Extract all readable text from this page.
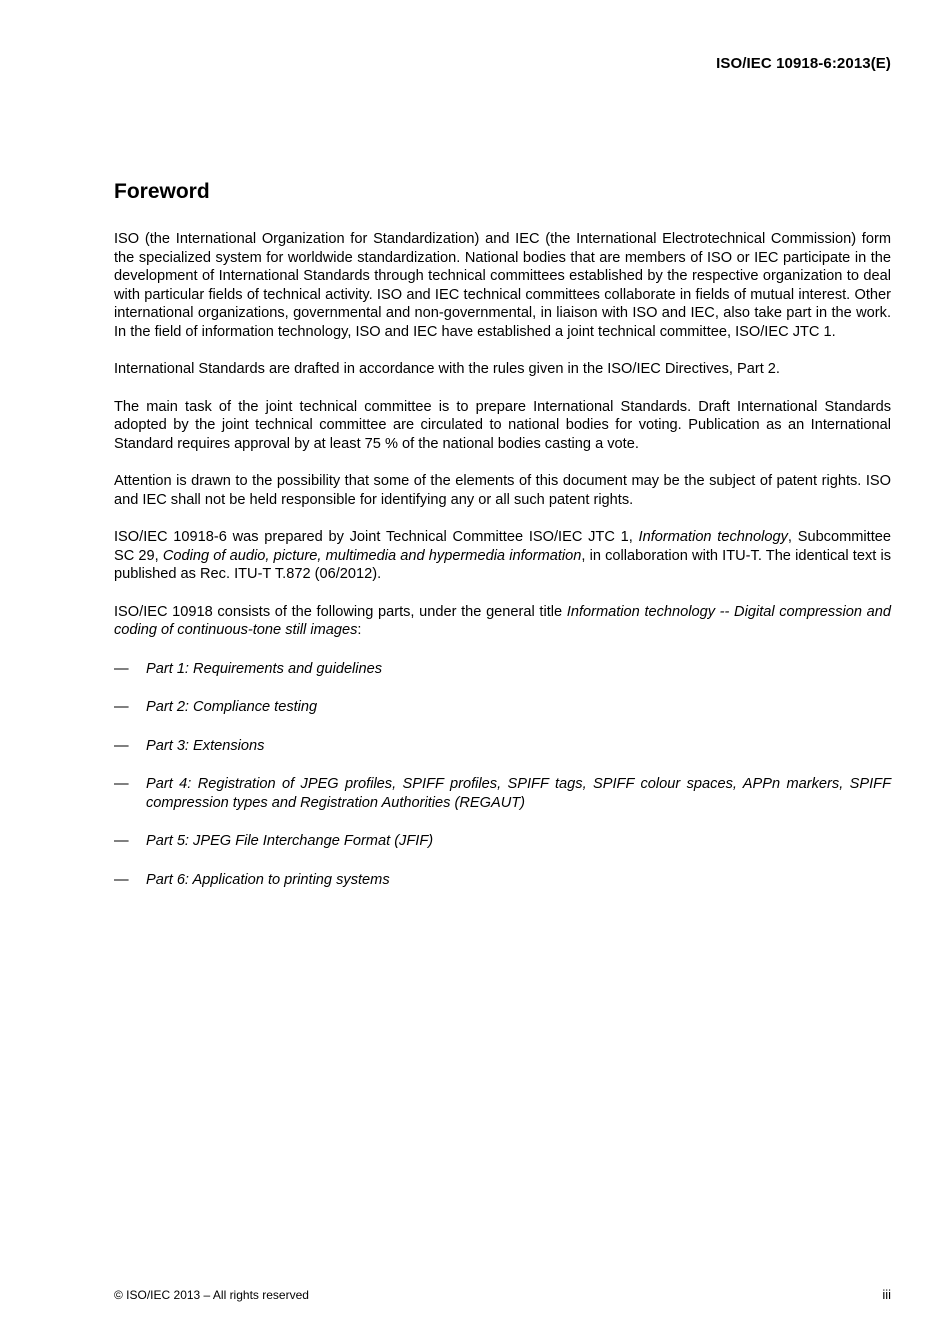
ISO/IEC 10918-6:2013(E)
Foreword

ISO (the International Organization for Standardization) and IEC (the International Electrotechnical Commission) form the specialized system for worldwide standardization. National bodies that are members of ISO or IEC participate in the development of International Standards through technical committees established by the respective organization to deal with particular fields of technical activity. ISO and IEC technical committees collaborate in fields of mutual interest. Other international organizations, governmental and non-governmental, in liaison with ISO and IEC, also take part in the work. In the field of information technology, ISO and IEC have established a joint technical committee, ISO/IEC JTC 1.

International Standards are drafted in accordance with the rules given in the ISO/IEC Directives, Part 2.

The main task of the joint technical committee is to prepare International Standards. Draft International Standards adopted by the joint technical committee are circulated to national bodies for voting. Publication as an International Standard requires approval by at least 75 % of the national bodies casting a vote.

Attention is drawn to the possibility that some of the elements of this document may be the subject of patent rights. ISO and IEC shall not be held responsible for identifying any or all such patent rights.

ISO/IEC 10918-6 was prepared by Joint Technical Committee ISO/IEC JTC 1, Information technology, Subcommittee SC 29, Coding of audio, picture, multimedia and hypermedia information, in collaboration with ITU-T. The identical text is published as Rec. ITU-T T.872 (06/2012).

ISO/IEC 10918 consists of the following parts, under the general title Information technology -- Digital compression and coding of continuous-tone still images:

—	Part 1: Requirements and guidelines
—	Part 2: Compliance testing
—	Part 3: Extensions
—	Part 4: Registration of JPEG profiles, SPIFF profiles, SPIFF tags, SPIFF colour spaces, APPn markers, SPIFF compression types and Registration Authorities (REGAUT)
—	Part 5: JPEG File Interchange Format (JFIF)
—	Part 6: Application to printing systems
© ISO/IEC 2013 – All rights reserved	iii
